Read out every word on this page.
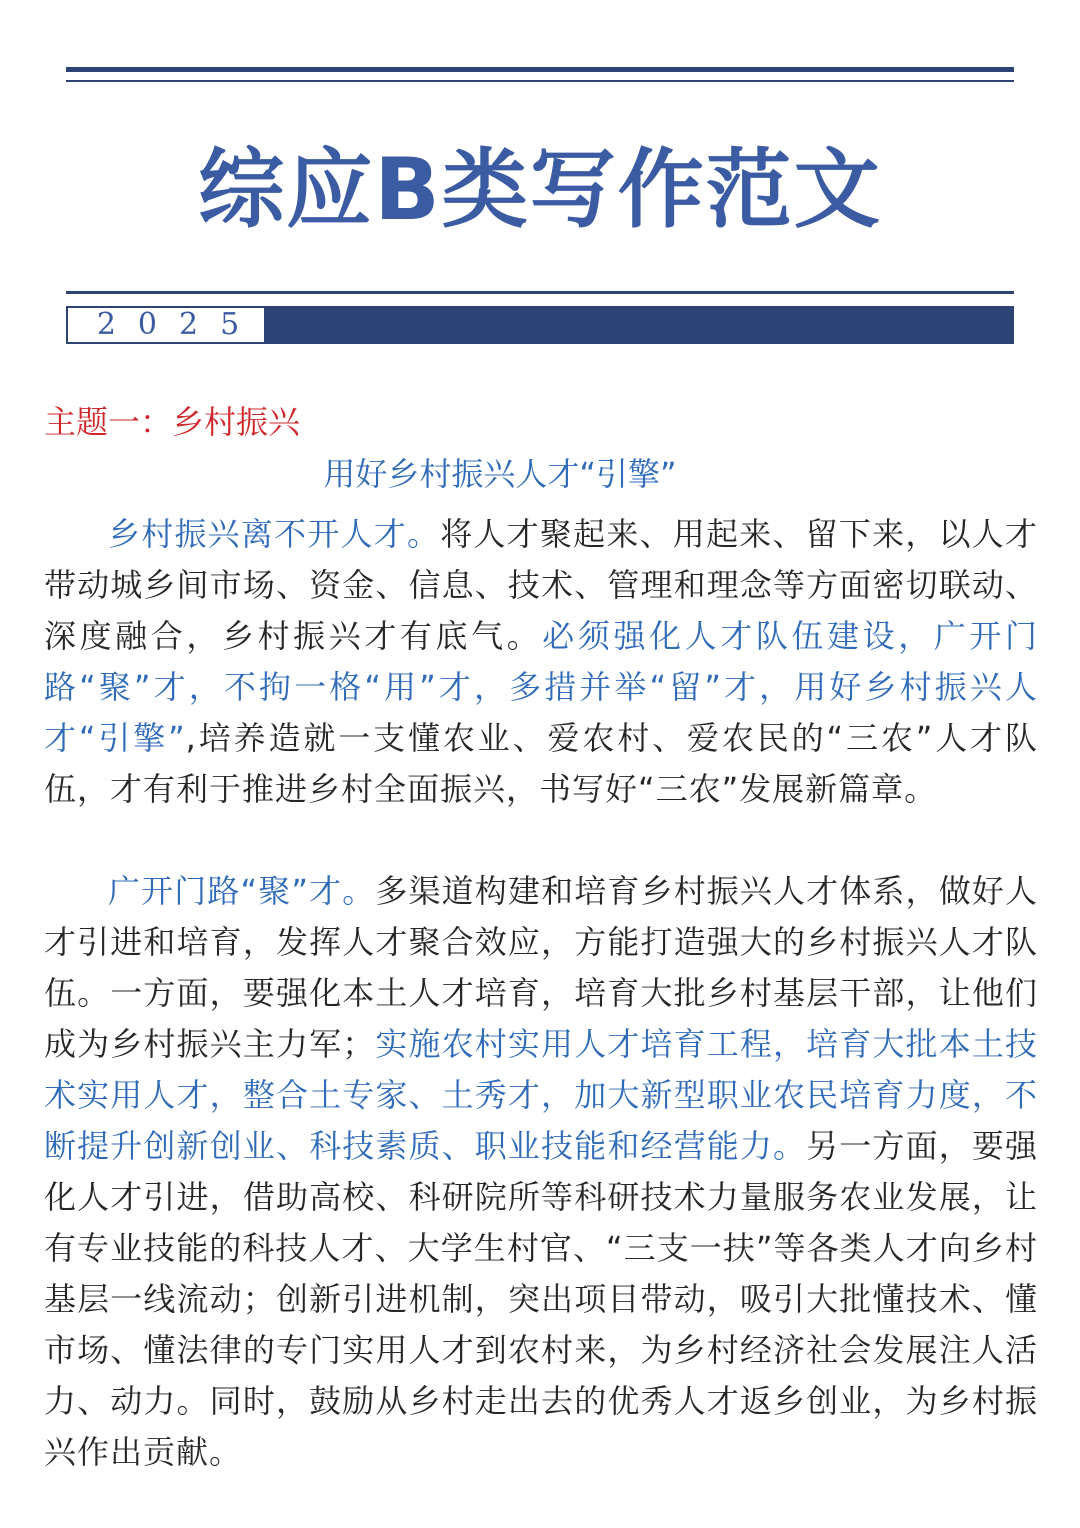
综应B类写作范文
2025
主题一：乡村振兴
用好乡村振兴人才“引擎”

乡村振兴离不开人才。将人才聚起来、用起来、留下来，以人才带动城乡间市场、资金、信息、技术、管理和理念等方面密切联动、深度融合，乡村振兴才有底气。必须强化人才队伍建设，广开门路“聚”才，不拘一格“用”才，多措并举“留”才，用好乡村振兴人才“引擎”,培养造就一支懂农业、爱农村、爱农民的“三农”人才队伍，才有利于推进乡村全面振兴，书写好“三农”发展新篇章。

广开门路“聚”才。多渠道构建和培育乡村振兴人才体系，做好人才引进和培育，发挥人才聚合效应，方能打造强大的乡村振兴人才队伍。一方面，要强化本土人才培育，培育大批乡村基层干部，让他们成为乡村振兴主力军；实施农村实用人才培育工程，培育大批本土技术实用人才，整合土专家、土秀才，加大新型职业农民培育力度，不断提升创新创业、科技素质、职业技能和经营能力。另一方面，要强化人才引进，借助高校、科研院所等科研技术力量服务农业发展，让有专业技能的科技人才、大学生村官、“三支一扶”等各类人才向乡村基层一线流动；创新引进机制，突出项目带动，吸引大批懂技术、懂市场、懂法律的专门实用人才到农村来，为乡村经济社会发展注人活力、动力。同时，鼓励从乡村走出去的优秀人才返乡创业，为乡村振兴作出贡献。
